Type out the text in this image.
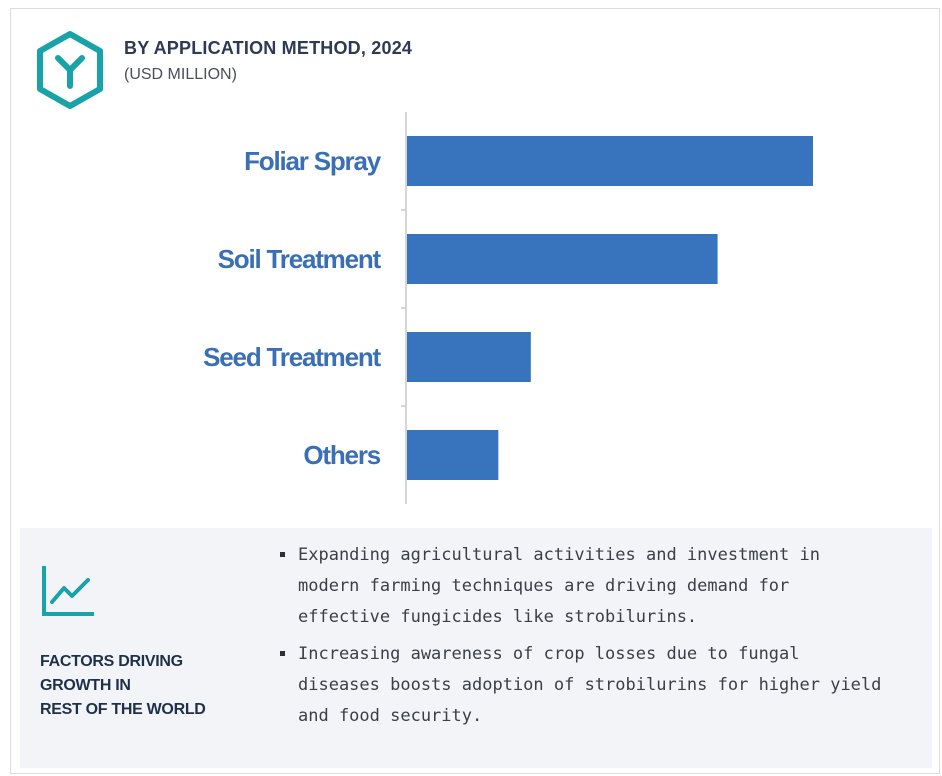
BY APPLICATION METHOD, 2024
(USD MILLION)
Foliar Spray
Soil Treatment
Seed Treatment
Others
FACTORS DRIVING
GROWTH IN
REST OF THE WORLD
Expanding agricultural activities and investment in modern farming techniques are driving demand for effective fungicides like strobilurins.
Increasing awareness of crop losses due to fungal diseases boosts adoption of strobilurins for higher yield and food security.
